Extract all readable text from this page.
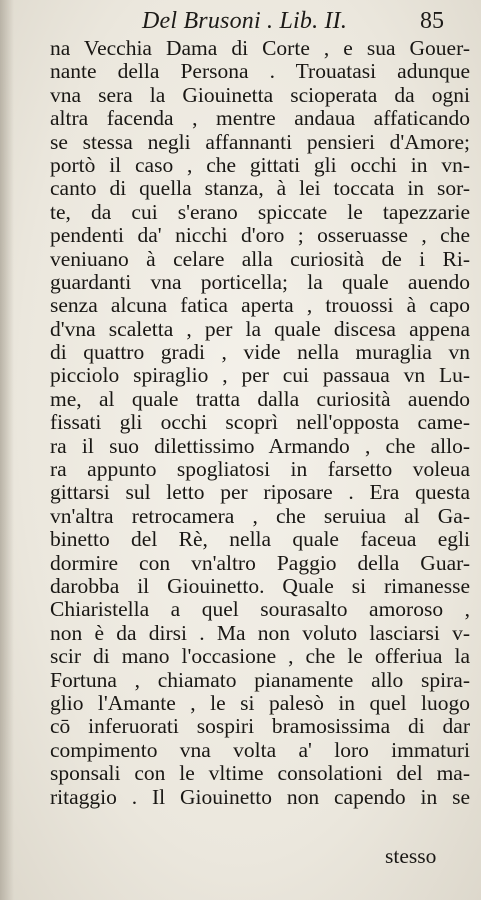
Del Brusoni . Lib. II.	85
na Vecchia Dama di Corte , e sua Gouer-
nante della Persona . Trouatasi adunque
vna sera la Giouinetta scioperata da ogni
altra facenda , mentre andaua affaticando
se stessa negli affannanti pensieri d'Amore;
portò il caso , che gittati gli occhi in vn-
canto di quella stanza, à lei toccata in sor-
te, da cui s'erano spiccate le tapezzarie
pendenti da' nicchi d'oro ; osseruasse , che
veniuano à celare alla curiosità de i Ri-
guardanti vna porticella; la quale auendo
senza alcuna fatica aperta , trouossi à capo
d'vna scaletta , per la quale discesa appena
di quattro gradi , vide nella muraglia vn
picciolo spiraglio , per cui passaua vn Lu-
me, al quale tratta dalla curiosità auendo
fissati gli occhi scoprì nell'opposta came-
ra il suo dilettissimo Armando , che allo-
ra appunto spogliatosi in farsetto voleua
gittarsi sul letto per riposare . Era questa
vn'altra retrocamera , che seruiua al Ga-
binetto del Rè, nella quale faceua egli
dormire con vn'altro Paggio della Guar-
darobba il Giouinetto. Quale si rimanesse
Chiaristella a quel sourasalto amoroso ,
non è da dirsi . Ma non voluto lasciarsi v-
scir di mano l'occasione , che le offeriua la
Fortuna , chiamato pianamente allo spira-
glio l'Amante , le si palesò in quel luogo
cō inferuorati sospiri bramosissima di dar
compimento vna volta a' loro immaturi
sponsali con le vltime consolationi del ma-
ritaggio . Il Giouinetto non capendo in se
stesso
